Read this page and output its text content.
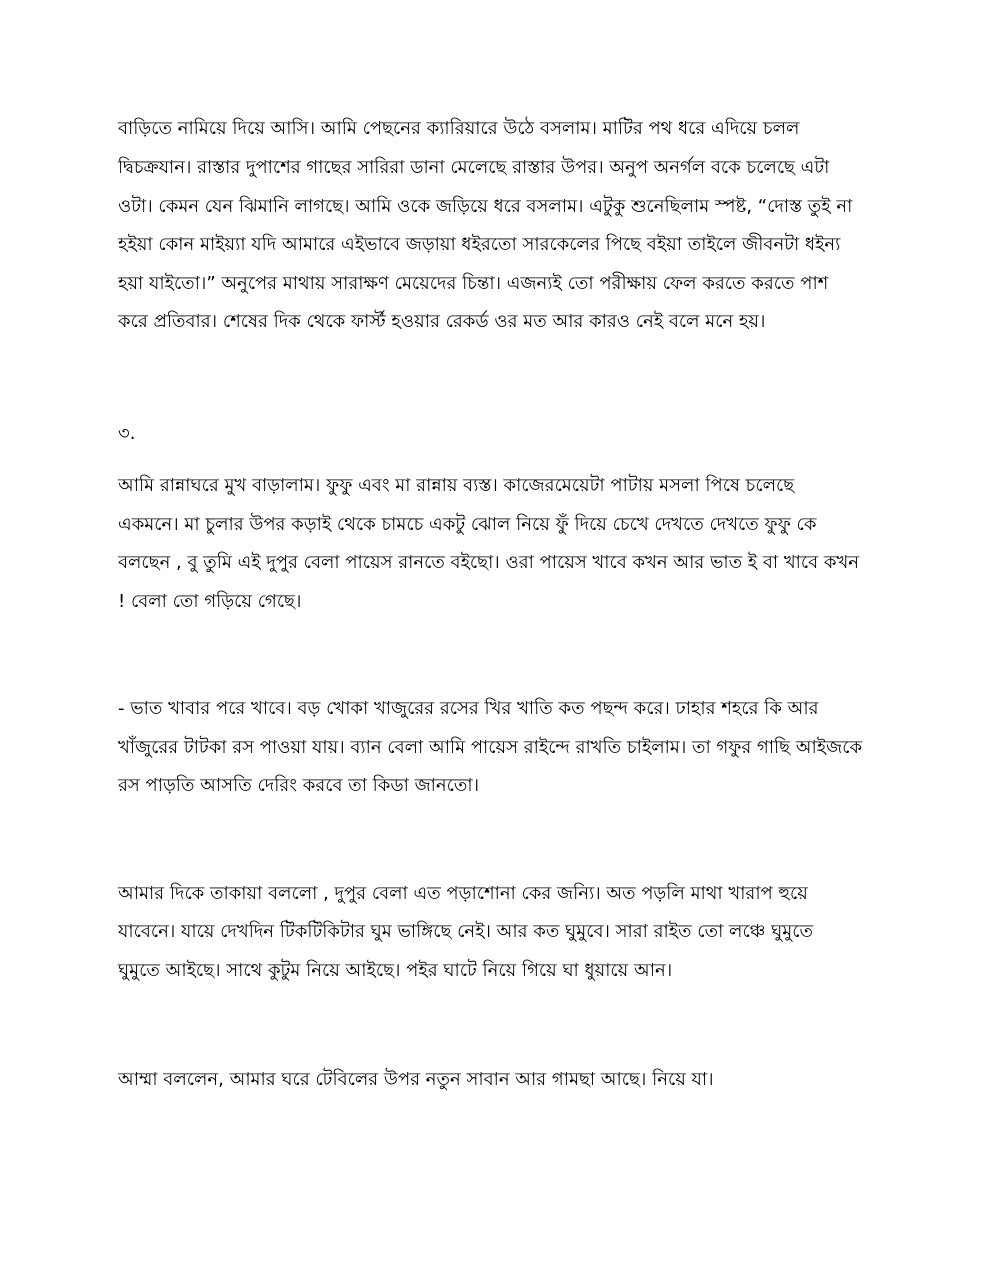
বাড়িতে নামিয়ে দিয়ে আসি। আমি পেছনের ক্যারিয়ারে উঠে বসলাম। মাটির পথ ধরে এদিয়ে চলল
দ্বিচক্রযান। রাস্তার দুপাশের গাছের সারিরা ডানা মেলেছে রাস্তার উপর। অনুপ অনর্গল বকে চলেছে এটা
ওটা। কেমন যেন ঝিমানি লাগছে। আমি ওকে জড়িয়ে ধরে বসলাম। এটুকু শুনেছিলাম স্পষ্ট, “দোস্ত তুই না
হইয়া কোন মাইয়্যা যদি আমারে এইভাবে জড়ায়া ধইরতো সারকেলের পিছে বইয়া তাইলে জীবনটা ধইন্য
হয়া যাইতো।” অনুপের মাথায় সারাক্ষণ মেয়েদের চিন্তা। এজন্যই তো পরীক্ষায় ফেল করতে করতে পাশ
করে প্রতিবার। শেষের দিক থেকে ফার্স্ট হওয়ার রেকর্ড ওর মত আর কারও নেই বলে মনে হয়।
৩.
আমি রান্নাঘরে মুখ বাড়ালাম। ফুফু এবং মা রান্নায় ব্যস্ত। কাজেরমেয়েটা পাটায় মসলা পিষে চলেছে
একমনে। মা চুলার উপর কড়াই থেকে চামচে একটু ঝোল নিয়ে ফুঁ দিয়ে চেখে দেখতে দেখতে ফুফু কে
বলছেন , বু তুমি এই দুপুর বেলা পায়েস রানতে বইছো। ওরা পায়েস খাবে কখন আর ভাত ই বা খাবে কখন
! বেলা তো গড়িয়ে গেছে।
- ভাত খাবার পরে খাবে। বড় খোকা খাজুরের রসের খির খাতি কত পছন্দ করে। ঢাহার শহরে কি আর
খাঁজুরের টাটকা রস পাওয়া যায়। ব্যান বেলা আমি পায়েস রাইন্দে রাখতি চাইলাম। তা গফুর গাছি আইজকে
রস পাড়তি আসতি দেরিং করবে তা কিডা জানতো।
আমার দিকে তাকায়া বললো , দুপুর বেলা এত পড়াশোনা কের জন্যি। অত পড়লি মাথা খারাপ হুয়ে
যাবেনে। যায়ে দেখদিন টিকটিকিটার ঘুম ভাঙ্গিছে নেই। আর কত ঘুমুবে। সারা রাইত তো লঞ্চে ঘুমুতে
ঘুমুতে আইছে। সাথে কুটুম নিয়ে আইছে। পইর ঘাটে নিয়ে গিয়ে ঘা ধুয়ায়ে আন।
আম্মা বললেন, আমার ঘরে টেবিলের উপর নতুন সাবান আর গামছা আছে। নিয়ে যা।
